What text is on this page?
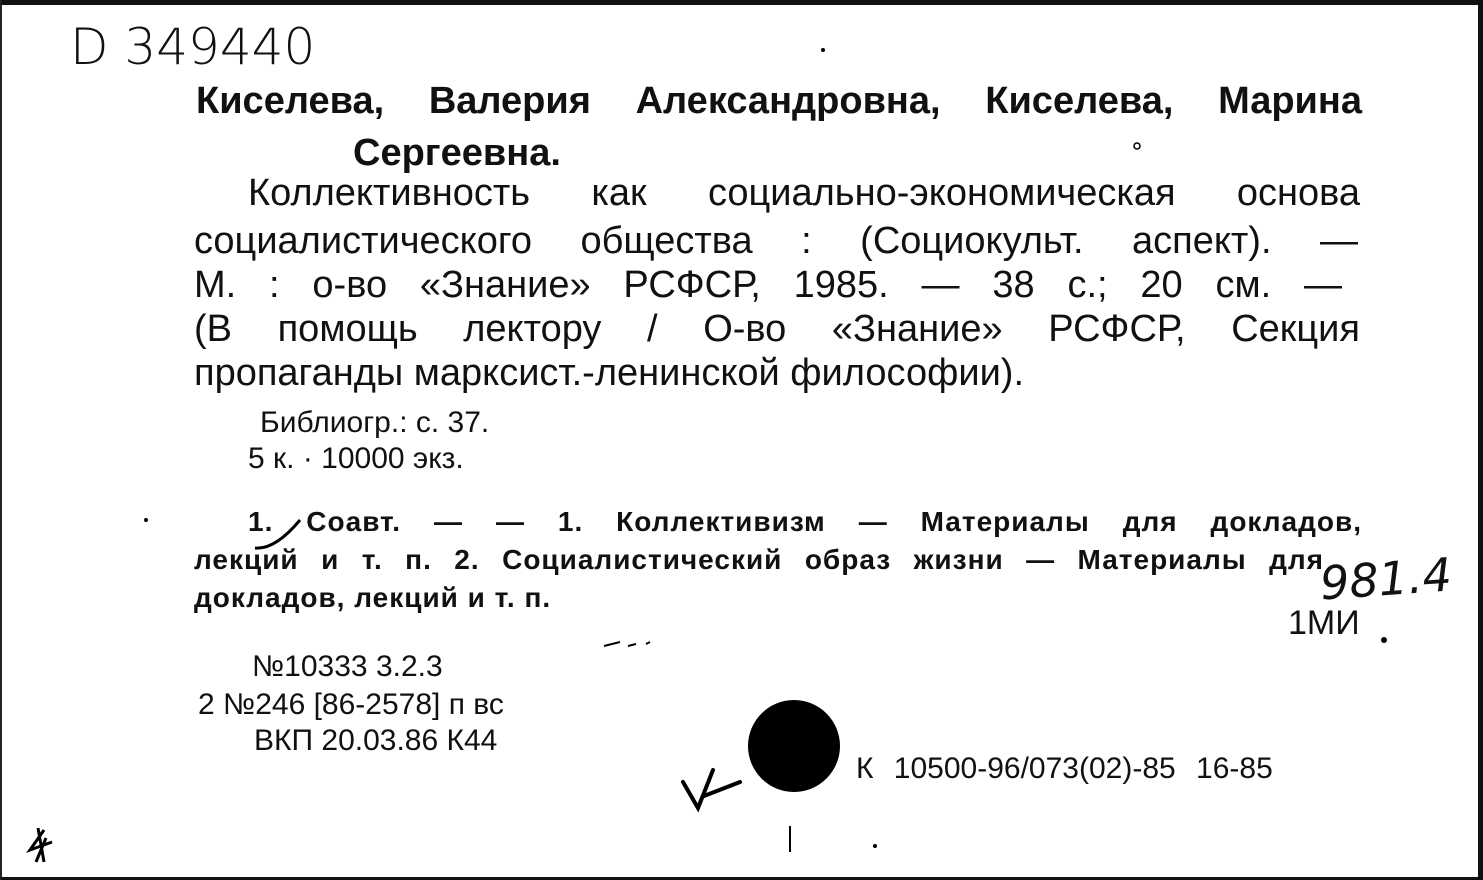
D 349440
Киселева, Валерия Александровна, Киселева, Марина
Сергеевна.
Коллективность как социально-экономическая основа
социалистического общества : (Социокульт. аспект). —
М. : о-во «Знание» РСФСР, 1985. — 38 с.; 20 см. —
(В помощь лектору / О-во «Знание» РСФСР, Секция
пропаганды марксист.-ленинской философии).
Библиогр.: с. 37.
5 к. · 10000 экз.
1. Соавт. — — 1. Коллективизм — Материалы для докладов,
лекций и т. п. 2. Социалистический образ жизни — Материалы для
докладов, лекций и т. п.	981.4
1МИ
№10333 3.2.3
2 №246 [86-2578] п вс
ВКП 20.03.86 К44
К 10500-96/073(02)-85 16-85
